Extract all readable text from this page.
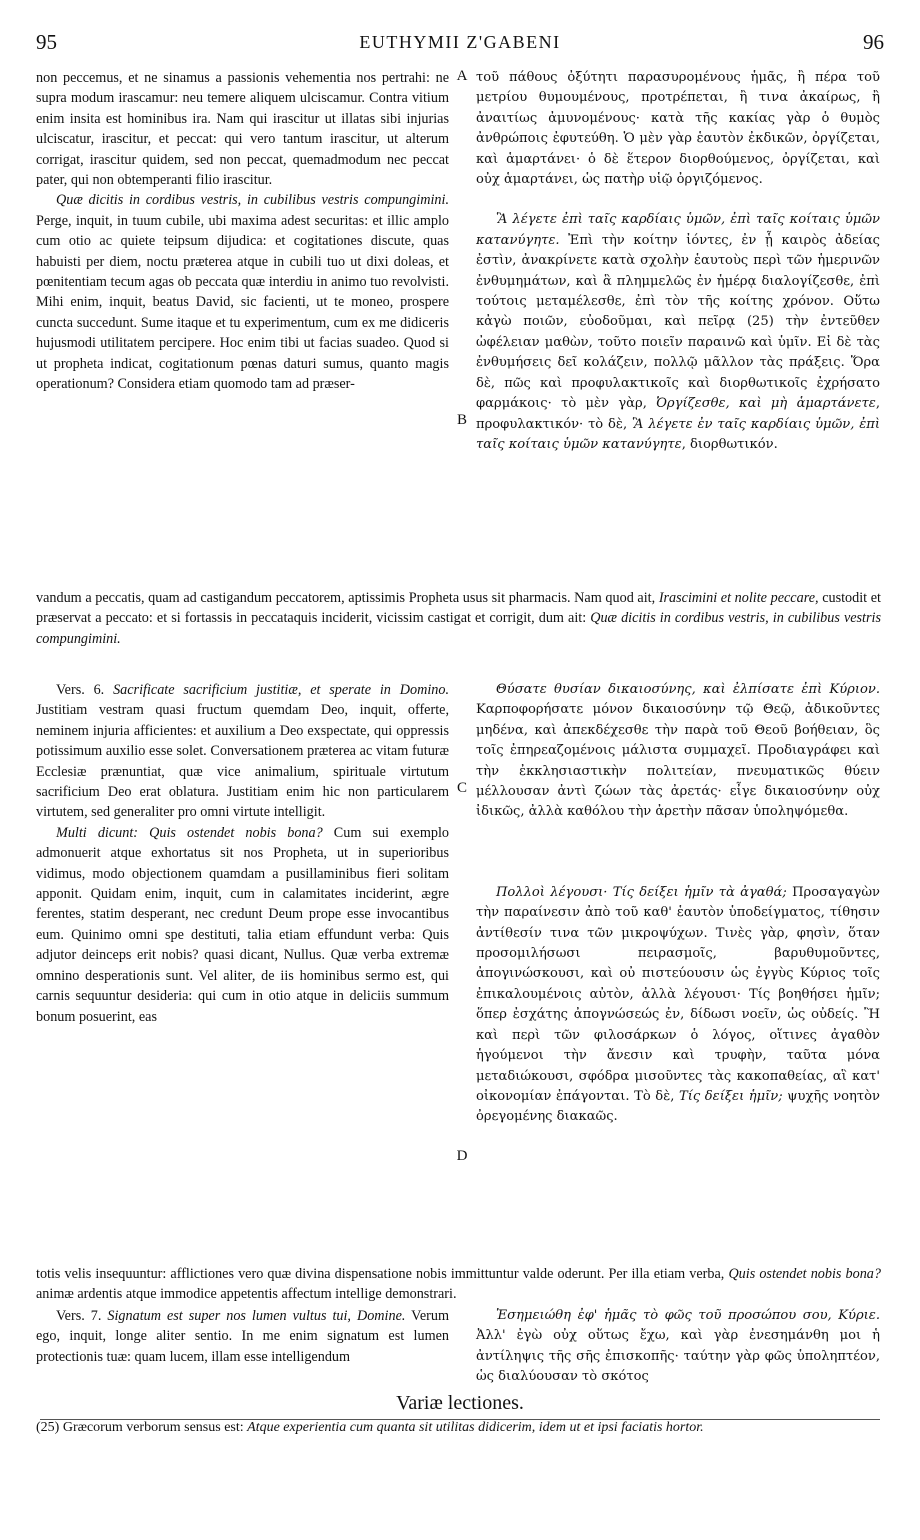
95	EUTHYMII Z'GABENI	96

non peccemus, et ne sinamus a passionis vehementia nos pertrahi: ne supra modum irascamur: neu temere aliquem ulciscamur. Contra vitium enim insita est hominibus ira. Nam qui irascitur ut illatas sibi injurias ulciscatur, irascitur, et peccat: qui vero tantum irascitur, ut alterum corrigat, irascitur quidem, sed non peccat, quemadmodum nec peccat pater, qui non obtemperanti filio irascitur.

Quæ dicitis in cordibus vestris, in cubilibus vestris compungimini. Perge, inquit, in tuum cubile, ubi maxima adest securitas: et illic amplo cum otio ac quiete teipsum dijudica: et cogitationes discute, quas habuisti per diem, noctu præterea atque in cubili tuo ut dixi doleas, et pœnitentiam tecum agas ob peccata quæ interdiu in animo tuo revolvisti. Mihi enim, inquit, beatus David, sic facienti, ut te moneo, prospere cuncta succedunt. Sume itaque et tu experimentum, cum ex me didiceris hujusmodi utilitatem percipere. Hoc enim tibi ut facias suadeo. Quod si ut propheta indicat, cogitationum pœnas daturi sumus, quanto magis operationum? Considera etiam quomodo tam ad præser-

τοῦ πάθους ὀξύτητι παρασυρομένους ἡμᾶς, ἢ πέρα τοῦ μετρίου θυμουμένους, προτρέπεται, ἢ τινα ἀκαίρως, ἢ ἀναιτίως ἀμυνομένους· κατὰ τῆς κακίας γὰρ ὁ θυμὸς ἀνθρώποις ἐφυτεύθη. Ὁ μὲν γὰρ ἑαυτὸν ἐκδικῶν, ὀργίζεται, καὶ ἁμαρτάνει· ὁ δὲ ἕτερον διορθούμενος, ὀργίζεται, καὶ οὐχ ἁμαρτάνει, ὡς πατὴρ υἱῷ ὀργιζόμενος.

Ἃ λέγετε ἐπὶ ταῖς καρδίαις ὑμῶν, ἐπὶ ταῖς κοίταις ὑμῶν κατανύγητε. Ἐπὶ τὴν κοίτην ἰόντες, ἐν ᾗ καιρὸς ἀδείας ἐστὶν, ἀνακρίνετε κατὰ σχολὴν ἑαυτοὺς περὶ τῶν ἡμερινῶν ἐνθυμημάτων, καὶ ἃ πλημμελῶς ἐν ἡμέρᾳ διαλογίζεσθε, ἐπὶ τούτοις μεταμέλεσθε, ἐπὶ τὸν τῆς κοίτης χρόνον. Οὕτω κἀγὼ ποιῶν, εὐοδοῦμαι, καὶ πεῖρᾳ (25) τὴν ἐντεῦθεν ὠφέλειαν μαθὼν, τοῦτο ποιεῖν παραινῶ καὶ ὑμῖν. Εἰ δὲ τὰς ἐνθυμήσεις δεῖ κολάζειν, πολλῷ μᾶλλον τὰς πράξεις. Ὅρα δὲ, πῶς καὶ προφυλακτικοῖς καὶ διορθωτικοῖς ἐχρήσατο φαρμάκοις· τὸ μὲν γὰρ, Ὀργίζεσθε, καὶ μὴ ἁμαρτάνετε, προφυλακτικόν· τὸ δὲ, Ἃ λέγετε ἐν ταῖς καρδίαις ὑμῶν, ἐπὶ ταῖς κοίταις ὑμῶν κατανύγητε, διορθωτικόν.

vandum a peccatis, quam ad castigandum peccatorem, aptissimis Propheta usus sit pharmacis. Nam quod ait, Irascimini et nolite peccare, custodit et præservat a peccato: et si fortassis in peccataquis inciderit, vicissim castigat et corrigit, dum ait: Quæ dicitis in cordibus vestris, in cubilibus vestris compungimini.

Vers. 6. Sacrificate sacrificium justitiæ, et sperate in Domino. Justitiam vestram quasi fructum quemdam Deo, inquit, offerte, neminem injuria afficientes: et auxilium a Deo exspectate, qui oppressis potissimum auxilio esse solet. Conversationem præterea ac vitam futuræ Ecclesiæ prænuntiat, quæ vice animalium, spirituale virtutum sacrificium Deo erat oblatura. Justitiam enim hic non particularem virtutem, sed generaliter pro omni virtute intelligit.

Multi dicunt: Quis ostendet nobis bona? Cum sui exemplo admonuerit atque exhortatus sit nos Propheta, ut in superioribus vidimus, modo objectionem quamdam a pusillaminibus fieri solitam apponit. Quidam enim, inquit, cum in calamitates inciderint, ægre ferentes, statim desperant, nec credunt Deum prope esse invocantibus eum. Quinimo omni spe destituti, talia etiam effundunt verba: Quis adjutor deinceps erit nobis? quasi dicant, Nullus. Quæ verba extremæ omnino desperationis sunt. Vel aliter, de iis hominibus sermo est, qui carnis sequuntur desideria: qui cum in otio atque in deliciis summum bonum posuerint, eas

Θύσατε θυσίαν δικαιοσύνης, καὶ ἐλπίσατε ἐπὶ Κύριον. Καρποφορήσατε μόνον δικαιοσύνην τῷ Θεῷ, ἀδικοῦντες μηδένα, καὶ ἀπεκδέχεσθε τὴν παρὰ τοῦ Θεοῦ βοήθειαν, ὃς τοῖς ἐπηρεαζομένοις μάλιστα συμμαχεῖ. Προδιαγράφει καὶ τὴν ἐκκλησιαστικὴν πολιτείαν, πνευματικῶς θύειν μέλλουσαν ἀντὶ ζώων τὰς ἀρετάς· εἶγε δικαιοσύνην οὐχ ἰδικῶς, ἀλλὰ καθόλου τὴν ἀρετὴν πᾶσαν ὑποληψόμεθα.

Πολλοὶ λέγουσι· Τίς δείξει ἡμῖν τὰ ἀγαθά; Προσαγαγὼν τὴν παραίνεσιν ἀπὸ τοῦ καθ' ἑαυτὸν ὑποδείγματος, τίθησιν ἀντίθεσίν τινα τῶν μικροψύχων. Τινὲς γὰρ, φησὶν, ὅταν προσομιλήσωσι πειρασμοῖς, βαρυθυμοῦντες, ἀπογινώσκουσι, καὶ οὐ πιστεύουσιν ὡς ἐγγὺς Κύριος τοῖς ἐπικαλουμένοις αὐτὸν, ἀλλὰ λέγουσι· Τίς βοηθήσει ἡμῖν; ὅπερ ἐσχάτης ἀπογνώσεώς ἐν, δίδωσι νοεῖν, ὡς οὐδείς. Ἢ καὶ περὶ τῶν φιλοσάρκων ὁ λόγος, οἵτινες ἀγαθὸν ἡγούμενοι τὴν ἄνεσιν καὶ τρυφὴν, ταῦτα μόνα μεταδιώκουσι, σφόδρα μισοῦντες τὰς κακοπαθείας, αἳ κατ' οἰκονομίαν ἐπάγονται. Τὸ δὲ, Τίς δείξει ἡμῖν; ψυχῆς νοητὸν ὀρεγομένης διακαῶς.

totis velis insequuntur: afflictiones vero quæ divina dispensatione nobis immittuntur valde oderunt. Per illa etiam verba, Quis ostendet nobis bona? animæ ardentis atque immodice appetentis affectum intellige demonstrari.

Vers. 7. Signatum est super nos lumen vultus tui, Domine. Verum ego, inquit, longe aliter sentio. In me enim signatum est lumen protectionis tuæ: quam lucem, illam esse intelligendum

Ἐσημειώθη ἐφ' ἡμᾶς τὸ φῶς τοῦ προσώπου σου, Κύριε. Ἀλλ' ἐγὼ οὐχ οὕτως ἔχω, καὶ γὰρ ἐνεσημάνθη μοι ἡ ἀντίληψις τῆς σῆς ἐπισκοπῆς· ταύτην γὰρ φῶς ὑποληπτέον, ὡς διαλύουσαν τὸ σκότος

A
B
C
D
Variæ lectiones.
(25) Græcorum verborum sensus est: Atque experientia cum quanta sit utilitas didicerim, idem ut et ipsi faciatis hortor.
